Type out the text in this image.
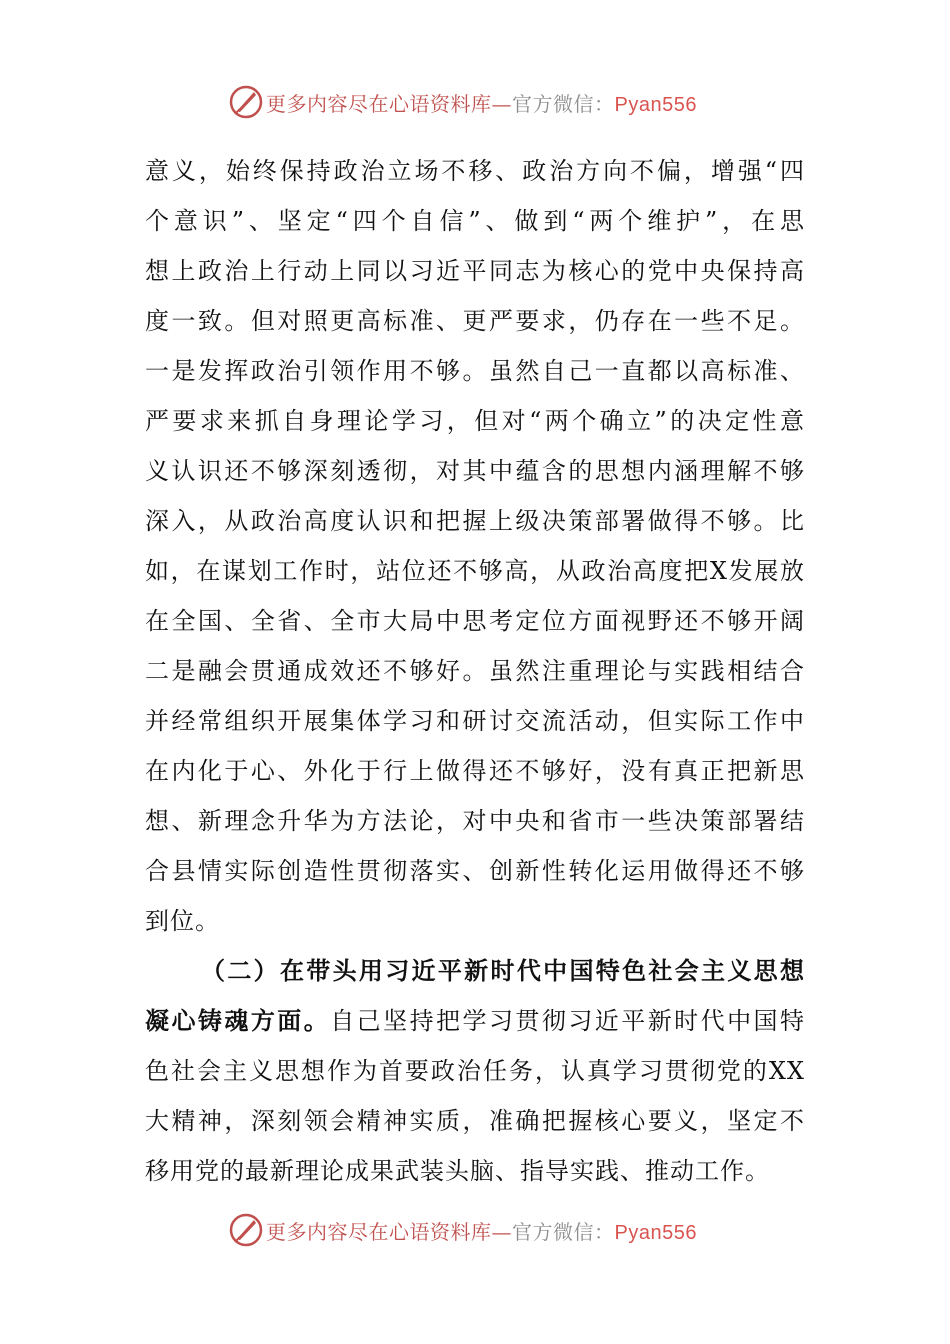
更多内容尽在心语资料库—官方微信：Pyan556
意义，始终保持政治立场不移、政治方向不偏，增强“四
个意识”、坚定“四个自信”、做到“两个维护”，在思
想上政治上行动上同以习近平同志为核心的党中央保持高
度一致。但对照更高标准、更严要求，仍存在一些不足。
一是发挥政治引领作用不够。虽然自己一直都以高标准、
严要求来抓自身理论学习，但对“两个确立”的决定性意
义认识还不够深刻透彻，对其中蕴含的思想内涵理解不够
深入，从政治高度认识和把握上级决策部署做得不够。比
如，在谋划工作时，站位还不够高，从政治高度把X发展放
在全国、全省、全市大局中思考定位方面视野还不够开阔
二是融会贯通成效还不够好。虽然注重理论与实践相结合
并经常组织开展集体学习和研讨交流活动，但实际工作中
在内化于心、外化于行上做得还不够好，没有真正把新思
想、新理念升华为方法论，对中央和省市一些决策部署结
合县情实际创造性贯彻落实、创新性转化运用做得还不够
到位。
（二）在带头用习近平新时代中国特色社会主义思想
凝心铸魂方面。自己坚持把学习贯彻习近平新时代中国特
色社会主义思想作为首要政治任务，认真学习贯彻党的XX
大精神，深刻领会精神实质，准确把握核心要义，坚定不
移用党的最新理论成果武装头脑、指导实践、推动工作。
更多内容尽在心语资料库—官方微信：Pyan556
